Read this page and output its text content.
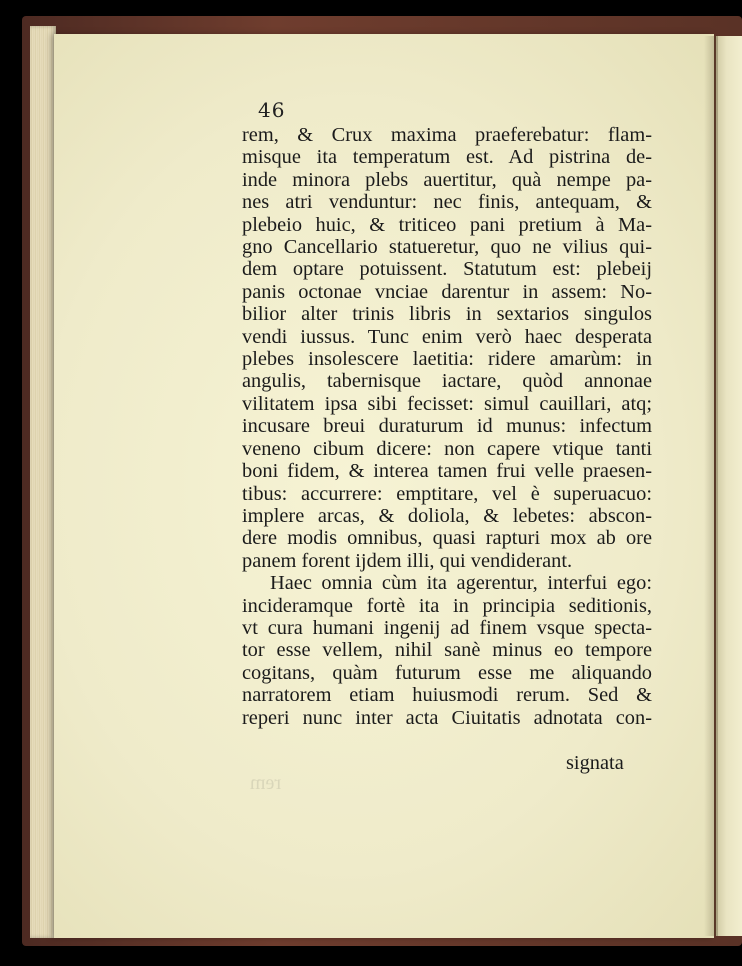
46
rem, & Crux maxima praeferebatur: flam-
misque ita temperatum est. Ad pistrina de-
inde minora plebs auertitur, quà nempe pa-
nes atri venduntur: nec finis, antequam, &
plebeio huic, & triticeo pani pretium à Ma-
gno Cancellario statueretur, quo ne vilius qui-
dem optare potuissent. Statutum est: plebeij
panis octonae vnciae darentur in assem: No-
bilior alter trinis libris in sextarios singulos
vendi iussus. Tunc enim verò haec desperata
plebes insolescere laetitia: ridere amarùm: in
angulis, tabernisque iactare, quòd annonae
vilitatem ipsa sibi fecisset: simul cauillari, atq;
incusare breui duraturum id munus: infectum
veneno cibum dicere: non capere vtique tanti
boni fidem, & interea tamen frui velle praesen-
tibus: accurrere: emptitare, vel è superuacuo:
implere arcas, & doliola, & lebetes: abscon-
dere modis omnibus, quasi rapturi mox ab ore
panem forent ijdem illi, qui vendiderant.
Haec omnia cùm ita agerentur, interfui ego:
incideramque fortè ita in principia seditionis,
vt cura humani ingenij ad finem vsque specta-
tor esse vellem, nihil sanè minus eo tempore
cogitans, quàm futurum esse me aliquando
narratorem etiam huiusmodi rerum. Sed &
reperi nunc inter acta Ciuitatis adnotata con-
signata
rem
